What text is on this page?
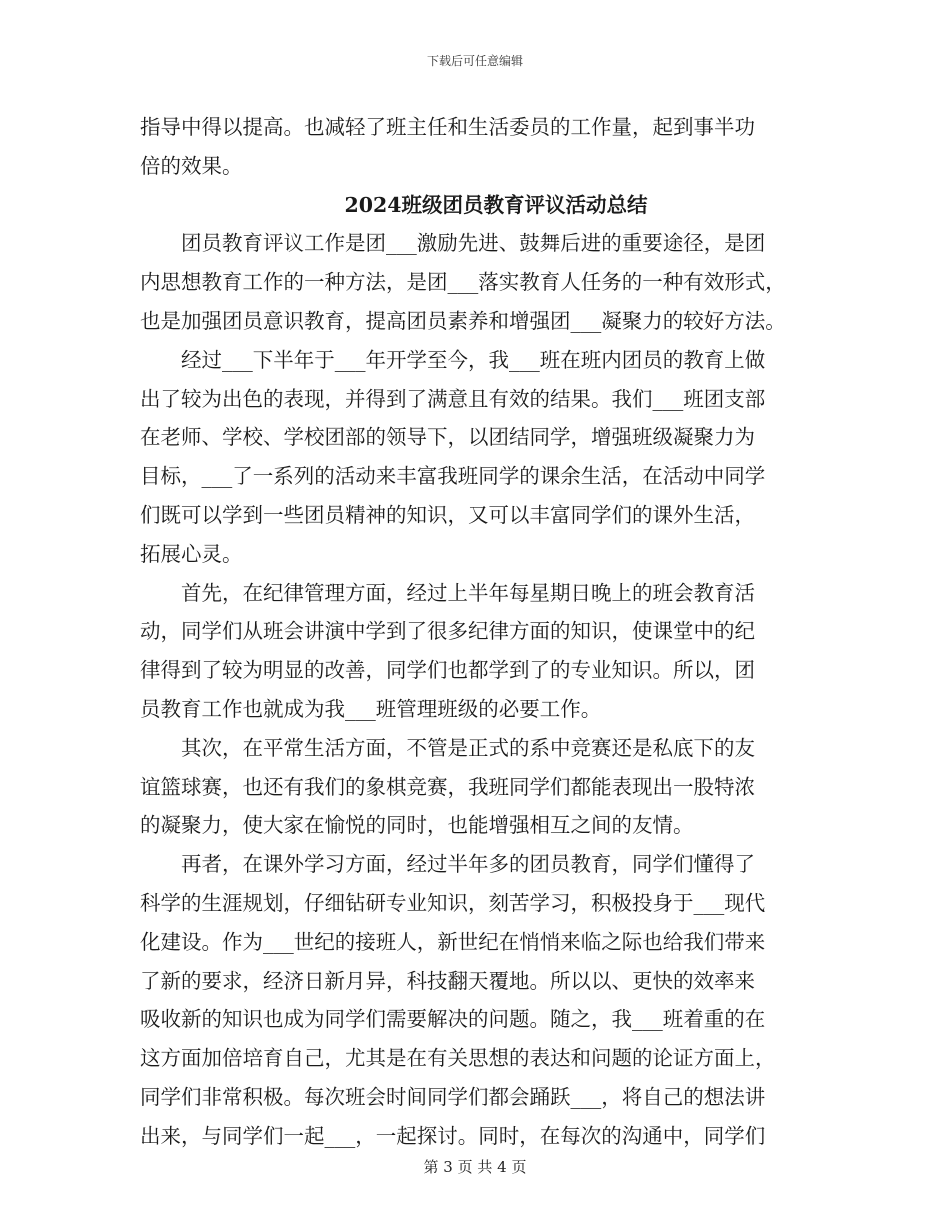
下载后可任意编辑
指导中得以提高。也减轻了班主任和生活委员的工作量，起到事半功
倍的效果。
2024班级团员教育评议活动总结
团员教育评议工作是团___激励先进、鼓舞后进的重要途径，是团
内思想教育工作的一种方法，是团___落实教育人任务的一种有效形式，
也是加强团员意识教育，提高团员素养和增强团___凝聚力的较好方法。
经过___下半年于___年开学至今，我___班在班内团员的教育上做
出了较为出色的表现，并得到了满意且有效的结果。我们___班团支部
在老师、学校、学校团部的领导下，以团结同学，增强班级凝聚力为
目标，___了一系列的活动来丰富我班同学的课余生活，在活动中同学
们既可以学到一些团员精神的知识，又可以丰富同学们的课外生活，
拓展心灵。
首先，在纪律管理方面，经过上半年每星期日晚上的班会教育活
动，同学们从班会讲演中学到了很多纪律方面的知识，使课堂中的纪
律得到了较为明显的改善，同学们也都学到了的专业知识。所以，团
员教育工作也就成为我___班管理班级的必要工作。
其次，在平常生活方面，不管是正式的系中竞赛还是私底下的友
谊篮球赛，也还有我们的象棋竞赛，我班同学们都能表现出一股特浓
的凝聚力，使大家在愉悦的同时，也能增强相互之间的友情。
再者，在课外学习方面，经过半年多的团员教育，同学们懂得了
科学的生涯规划，仔细钻研专业知识，刻苦学习，积极投身于___现代
化建设。作为___世纪的接班人，新世纪在悄悄来临之际也给我们带来
了新的要求，经济日新月异，科技翻天覆地。所以以、更快的效率来
吸收新的知识也成为同学们需要解决的问题。随之，我___班着重的在
这方面加倍培育自己，尤其是在有关思想的表达和问题的论证方面上，
同学们非常积极。每次班会时间同学们都会踊跃___，将自己的想法讲
出来，与同学们一起___，一起探讨。同时，在每次的沟通中，同学们
第 3 页 共 4 页
